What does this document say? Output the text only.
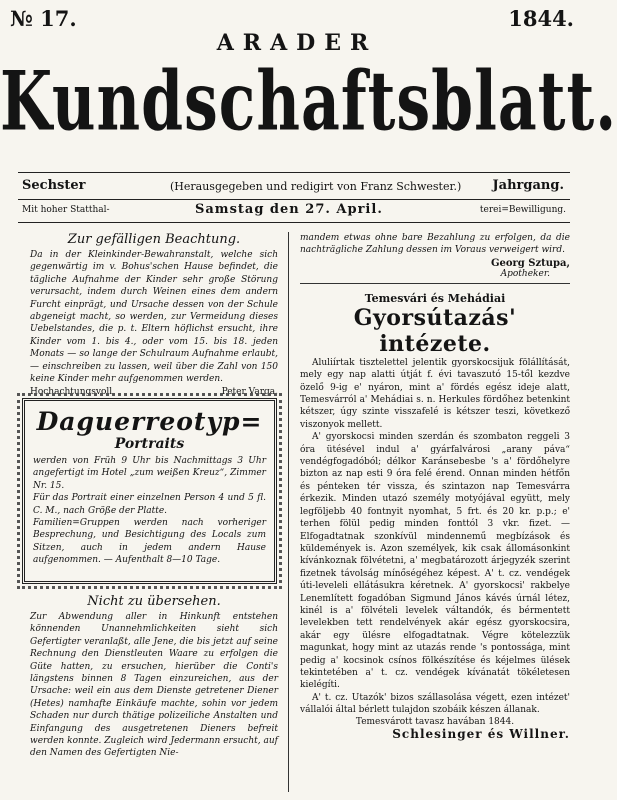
№ 17.	1844.
ARADER
Kundschaftsblatt.
Sechster	(Herausgegeben und redigirt von Franz Schwester.) Jahrgang.
Mit hoher Statthal-	Samstag den 27. April.	terei=Bewilligung.
Zur gefälligen Beachtung.

Da in der Kleinkinder-Bewahranstalt, welche sich gegenwärtig im v. Bohus'schen Hause befindet, die tägliche Aufnahme der Kinder sehr große Störung verursacht, indem durch Weinen eines dem andern Furcht einprägt, und Ursache dessen von der Schule abgeneigt macht, so werden, zur Vermeidung dieses Uebelstandes, die p. t. Eltern höflichst ersucht, ihre Kinder vom 1. bis 4., oder vom 15. bis 18. jeden Monats — so lange der Schulraum Aufnahme erlaubt, — einschreiben zu lassen, weil über die Zahl von 150 keine Kinder mehr aufgenommen werden.

Hochachtungsvoll	Peter Varga.
Daguerreotyp=
Portraits

werden von Früh 9 Uhr bis Nachmittags 3 Uhr angefertigt im Hotel „zum weißen Kreuz“, Zimmer Nr. 15.

Für das Portrait einer einzelnen Person 4 und 5 fl. C. M., nach Größe der Platte.

Familien=Gruppen werden nach vorheriger Besprechung, und Besichtigung des Locals zum Sitzen, auch in jedem andern Hause aufgenommen. — Aufenthalt 8—10 Tage.

Nicht zu übersehen.

Zur Abwendung aller in Hinkunft entstehen könnenden Unannehmlichkeiten sieht sich Gefertigter veranlaßt, alle Jene, die bis jetzt auf seine Rechnung den Dienstleuten Waare zu erfolgen die Güte hatten, zu ersuchen, hierüber die Conti's längstens binnen 8 Tagen einzureichen, aus der Ursache: weil ein aus dem Dienste getretener Diener (Hetes) namhafte Einkäufe machte, sohin vor jedem Schaden nur durch thätige polizeiliche Anstalten und Einfangung des ausgetretenen Dieners befreit werden konnte. Zugleich wird Jedermann ersucht, auf den Namen des Gefertigten Nie-

mandem etwas ohne bare Bezahlung zu erfolgen, da die nachträgliche Zahlung dessen im Voraus verweigert wird.

Georg Sztupa,
Apotheker.
Temesvári és Mehádiai
Gyorsútazás' intézete.

Aluliírtak tisztelettel jelentik gyorskocsijuk fölállítását, mely egy nap alatti útját f. évi tavaszutó 15-től kezdve özelő 9-ig e' nyáron, mint a' fördés egész ideje alatt, Temesvárról a' Mehádiai s. n. Herkules fördőhez betenkint kétszer, úgy szinte visszafelé is kétszer teszi, következő viszonyok mellett.

A' gyorskocsi minden szerdán és szombaton reggeli 3 óra ütésével indul a' gyárfalvárosi „arany páva“ vendégfogadóból; délkor Karánsebesbe 's a' fördőhelyre bizton az nap esti 9 óra felé érend. Onnan minden hétfőn és pénteken tér vissza, és szintazon nap Temesvárra érkezik. Minden utazó személy motyójával együtt, mely legföljebb 40 fontnyit nyomhat, 5 frt. és 20 kr. p.p.; e' terhen fölül pedig minden fonttól 3 vkr. fizet. — Elfogadtatnak szonkívül mindennemű megbízások és küldemények is. Azon személyek, kik csak állomásonkint kívánkoznak fölvétetni, a' megbatározott árjegyzék szerint fizetnek távolság mínőségéhez képest. A' t. cz. vendégek úti-leveleli ellátásukra kéretnek. A' gyorskocsi' rakbelye Lenemlített fogadóban Sigmund János kávés úrnál létez, kinél is a' fölvételi levelek váltandók, és bérmentett levelekben tett rendelvények akár egész gyorskocsira, akár egy ülésre elfogadtatnak. Végre kötelezzük magunkat, hogy mint az utazás rende 's pontossága, mint pedig a' kocsinok csínos fölkészítése és kéjelmes ülések tekintetében a' t. cz. vendégek kívánatát tökéletesen kielégíti.

A' t. cz. Utazók' bizos szállasolása végett, ezen intézet' vállalói által bérlett tulajdon szobáik készen állanak.

Temesvárott tavasz havában 1844.
Schlesinger és Willner.
